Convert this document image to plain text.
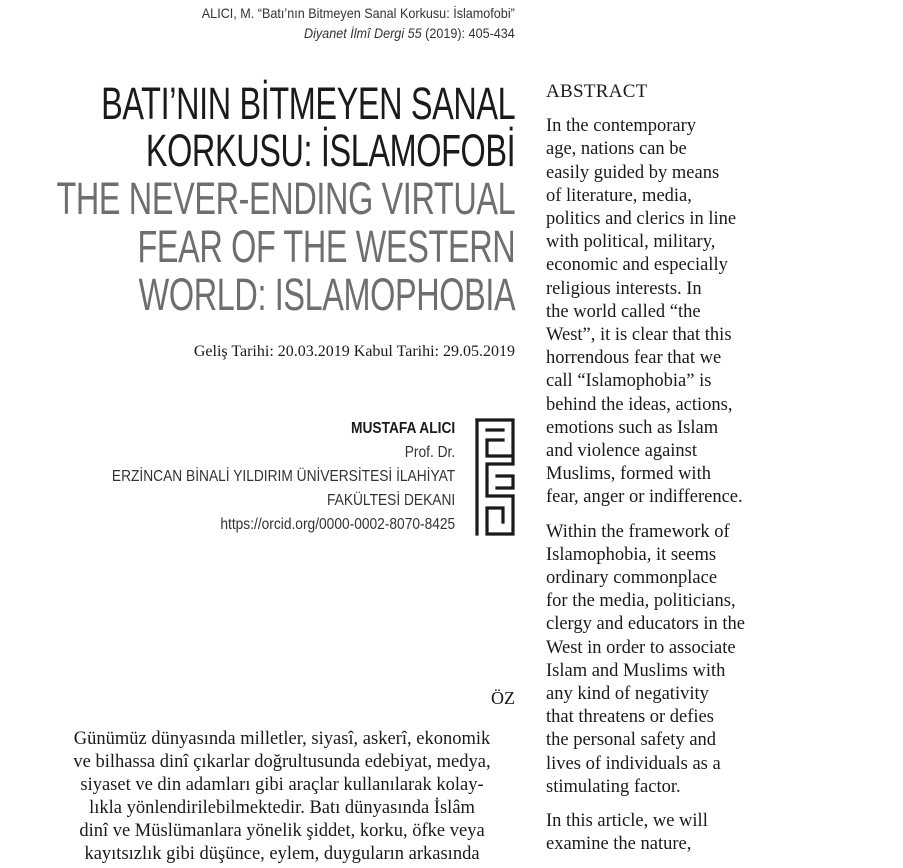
ALICI, M. “Batı’nın Bitmeyen Sanal Korkusu: İslamofobi”
Diyanet İlmî Dergi 55 (2019): 405-434
BATI’NIN BİTMEYEN SANAL
KORKUSU: İSLAMOFOBİ
THE NEVER-ENDING VIRTUAL
FEAR OF THE WESTERN
WORLD: ISLAMOPHOBIA
Geliş Tarihi: 20.03.2019 Kabul Tarihi: 29.05.2019
MUSTAFA ALICI
Prof. Dr.
ERZİNCAN BİNALİ YILDIRIM ÜNİVERSİTESİ İLAHİYAT
FAKÜLTESİ DEKANI
https://orcid.org/0000-0002-8070-8425
ÖZ
Günümüz dünyasında milletler, siyasî, askerî, ekonomik
ve bilhassa dinî çıkarlar doğrultusunda edebiyat, medya,
siyaset ve din adamları gibi araçlar kullanılarak kolay-
lıkla yönlendirilebilmektedir. Batı dünyasında İslâm
dinî ve Müslümanlara yönelik şiddet, korku, öfke veya
kayıtsızlık gibi düşünce, eylem, duyguların arkasında
ABSTRACT
In the contemporary
age, nations can be
easily guided by means
of literature, media,
politics and clerics in line
with political, military,
economic and especially
religious interests. In
the world called “the
West”, it is clear that this
horrendous fear that we
call “Islamophobia” is
behind the ideas, actions,
emotions such as Islam
and violence against
Muslims, formed with
fear, anger or indifference.
Within the framework of
Islamophobia, it seems
ordinary commonplace
for the media, politicians,
clergy and educators in the
West in order to associate
Islam and Muslims with
any kind of negativity
that threatens or defies
the personal safety and
lives of individuals as a
stimulating factor.
In this article, we will
examine the nature,
